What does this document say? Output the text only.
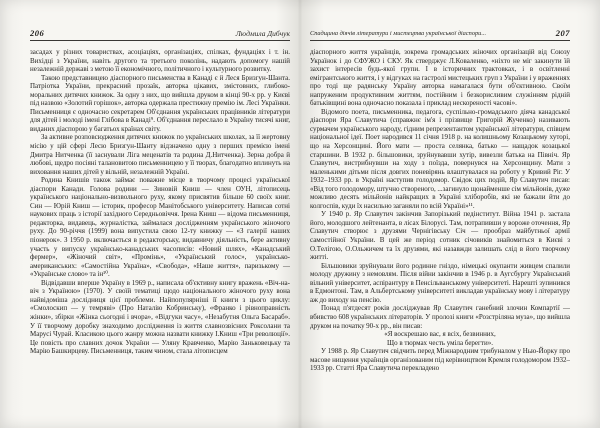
206	Людмила Дибчук

засадах у різних товариствах, асоціаціях, організаціях, спілках, фундаціях і т. ін. Вихідці з України, навіть другого та третього поколінь, надають допомогу нашій незалежній державі з метою її економічного, політичного і культурного розвитку.

Такою представницею діаспорного письменства в Канаді є й Леся Бризгун-Шанта. Патріотка України, прекрасний прозаїк, авторка цікавих, змістовних, глибоко-моральних дитячих книжок. За одну з них, що вийшла друком в кінці 90-х рр. у Києві під назвою «Золотий горішок», авторка одержала престижну премію ім. Лесі Українки. Письменниця є одночасно секретарем Об'єднання українських працівників літератури для дітей і молоді імені Глібова в Канаді⁹. Об'єднання переслало в Україну тисячі книг, виданих діаспорою у багатьох країнах світу.

За активне розповсюдження дитячих книжок по українських школах, за її жертовну місію у цій сфері Лесю Бризгун-Шанту відзначено одну з перших премією імені Дмитра Нитченка (її заснували Ліга меценатів та родина Д.Нитченка). Зерна добра й любові, щедро посіяні талановитою письменницею у її творах, благодатно вплинуть на виховання наших дітей у вільній, незалежній Україні.

Родина Книшів також займає поважне місце в творчому процесі української діаспори Канади. Голова родини — Зиновій Книш — член ОУН, літописець українського національно-визвольного руху, якому присвятив більше 60 своїх книг. Син — Юрій Книш — історик, професор Манітобського університету. Написав сотні наукових праць з історії західного Середньовіччя. Ірена Книш — відома письменниця, редакторка, видавець, журналістка, займалася дослідженням українського жіночого руху. До 90-річчя (1999) вона випустила свою 12-ту книжку — «З галерії наших піонерок». З 1950 р. включається в редакторську, видавничу діяльність, бере активну участь у випуску українсько-канадських часописів: «Новий шлях», «Канадський фермер», «Жіночий світ», «Промінь», «Український голос», українсько-американських: «Самостійна Україна», «Свобода», «Наше життя», паризькому — «Українське слово» та ін¹⁰.

Відвідавши вперше Україну в 1969 р., написала об'єктивну книгу вражень «Віч-на-віч з Україною» (1970). У своїй тематиці щодо національного жіночого руху вона найвідоміша дослідниця цієї проблеми. Найпопулярніші її книги з цього циклу: «Смолоскип — у темряві» (Про Наталію Кобринську), «Франко і рівноправність жінки», збірки «Жінка сьогодні і вчора», «Відгуки часу», «Незабутня Ольга Басараб». У її творчому доробку знаходимо дослідження із життя славнозвісних Роксолани та Марусі Чурай. Класикою цього жанру можна назвати книжку І.Книш «Три революції». Це повість про славних дочок України — Уляну Кравченко, Марію Заньковецьку та Марію Башкирцеву. Письменниця, таким чином, стала літописцем

Спадщина діячів літератури і мистецтва української діаспори...	207

діаспорного життя українців, зокрема громадських жіночих організацій від Союзу Українок і до СФУЖО і СКУ. Як стверджує Л.Коваленко, «ніхто не міг закинути їй захист інтересів будь-якої групи. І в історичних трактовках, і в освітленні емігрантського життя, і у відгуках на гастролі мистецьких груп з України і у враженнях про тоді ще радянську Україну авторка намагалася бути об'єктивною. Своїм напруженим продуктивним життям, постійним і безкорисливим служінням рідній батьківщині вона одночасно показала і приклад нескореності часові».

Відомого поета, письменника, педагога, суспільно-громадського діяча канадської діаспори Яра Славутича (справжнє ім'я і прізвище Григорій Жученко) називають сурмачем українського народу, гідним репрезентантом української літератури, співцем національної ідеї. Поет народився 11 січня 1918 р. на колишньому Козацькому хуторі, що на Херсонщині. Його мати — проста селянка, батько — нащадок козацької старшини. В 1932 р. більшовики, зруйнувавши хутір, вивезли батька на Північ. Яр Славутич, вистрибнувши на ходу з поїзда, повернувся на Херсонщину. Мати з маленькими дітьми після довгих поневірянь влаштувалася на роботу у Кривий Ріг. У 1932–1933 рр. в Україні наступив голодомор. Свідок цих подій, Яр Славутич писав: «Від того голодомору, штучно створеного, ...загинуло щонайменше сім мільйонів, дуже можливо десять мільйонів найкращих в Україні хліборобів, які не бажали йти до колгоспів, куди їх насильно заганяли по всій Україні»¹¹.

У 1940 р. Яр Славутич закінчив Запорізький педінститут. Війна 1941 р. застала його, молодшого лейтенанта, в лісах Білорусі. Там, потрапивши у вороже оточення, Яр Славутич створює з друзями Чернігівську Січ — прообраз майбутньої армії самостійної України. В цей же період сотник січовиків знайомиться в Києві з О.Телігою, О.Ольжичем та їх друзями, які назавжди залишать слід в його творчому житті.

Більшовики зруйнували його родинне гніздо, німецькі окупанти живцем спалили молоду дружину з немовлям. Після війни закінчив в 1946 р. в Аугсбургу Український вільний університет, аспірантуру в Пенсільванському університеті. Нарешті зупинився в Едмонтоні. Там, в Альбертському університеті викладав українську мову і літературу аж до виходу на пенсію.

Понад п'ятдесят років досліджував Яр Славутич ганебний злочин Компартії — вбивство 608 українських літераторів. У пролозі книги «Розстріляна муза», що вийшла друком на початку 90-х рр., він писав:

«Я воскрешаю вас, я всіх, безвинних,
Що в тюрмах честь уміла берегти».

У 1988 р. Яр Славутич свідчить перед Міжнародним трибуналом у Нью-Йорку про масове нищення українців організованим під керівництвом Кремля голодомором 1932–1933 рр. Статті Яра Славутича перекладено
